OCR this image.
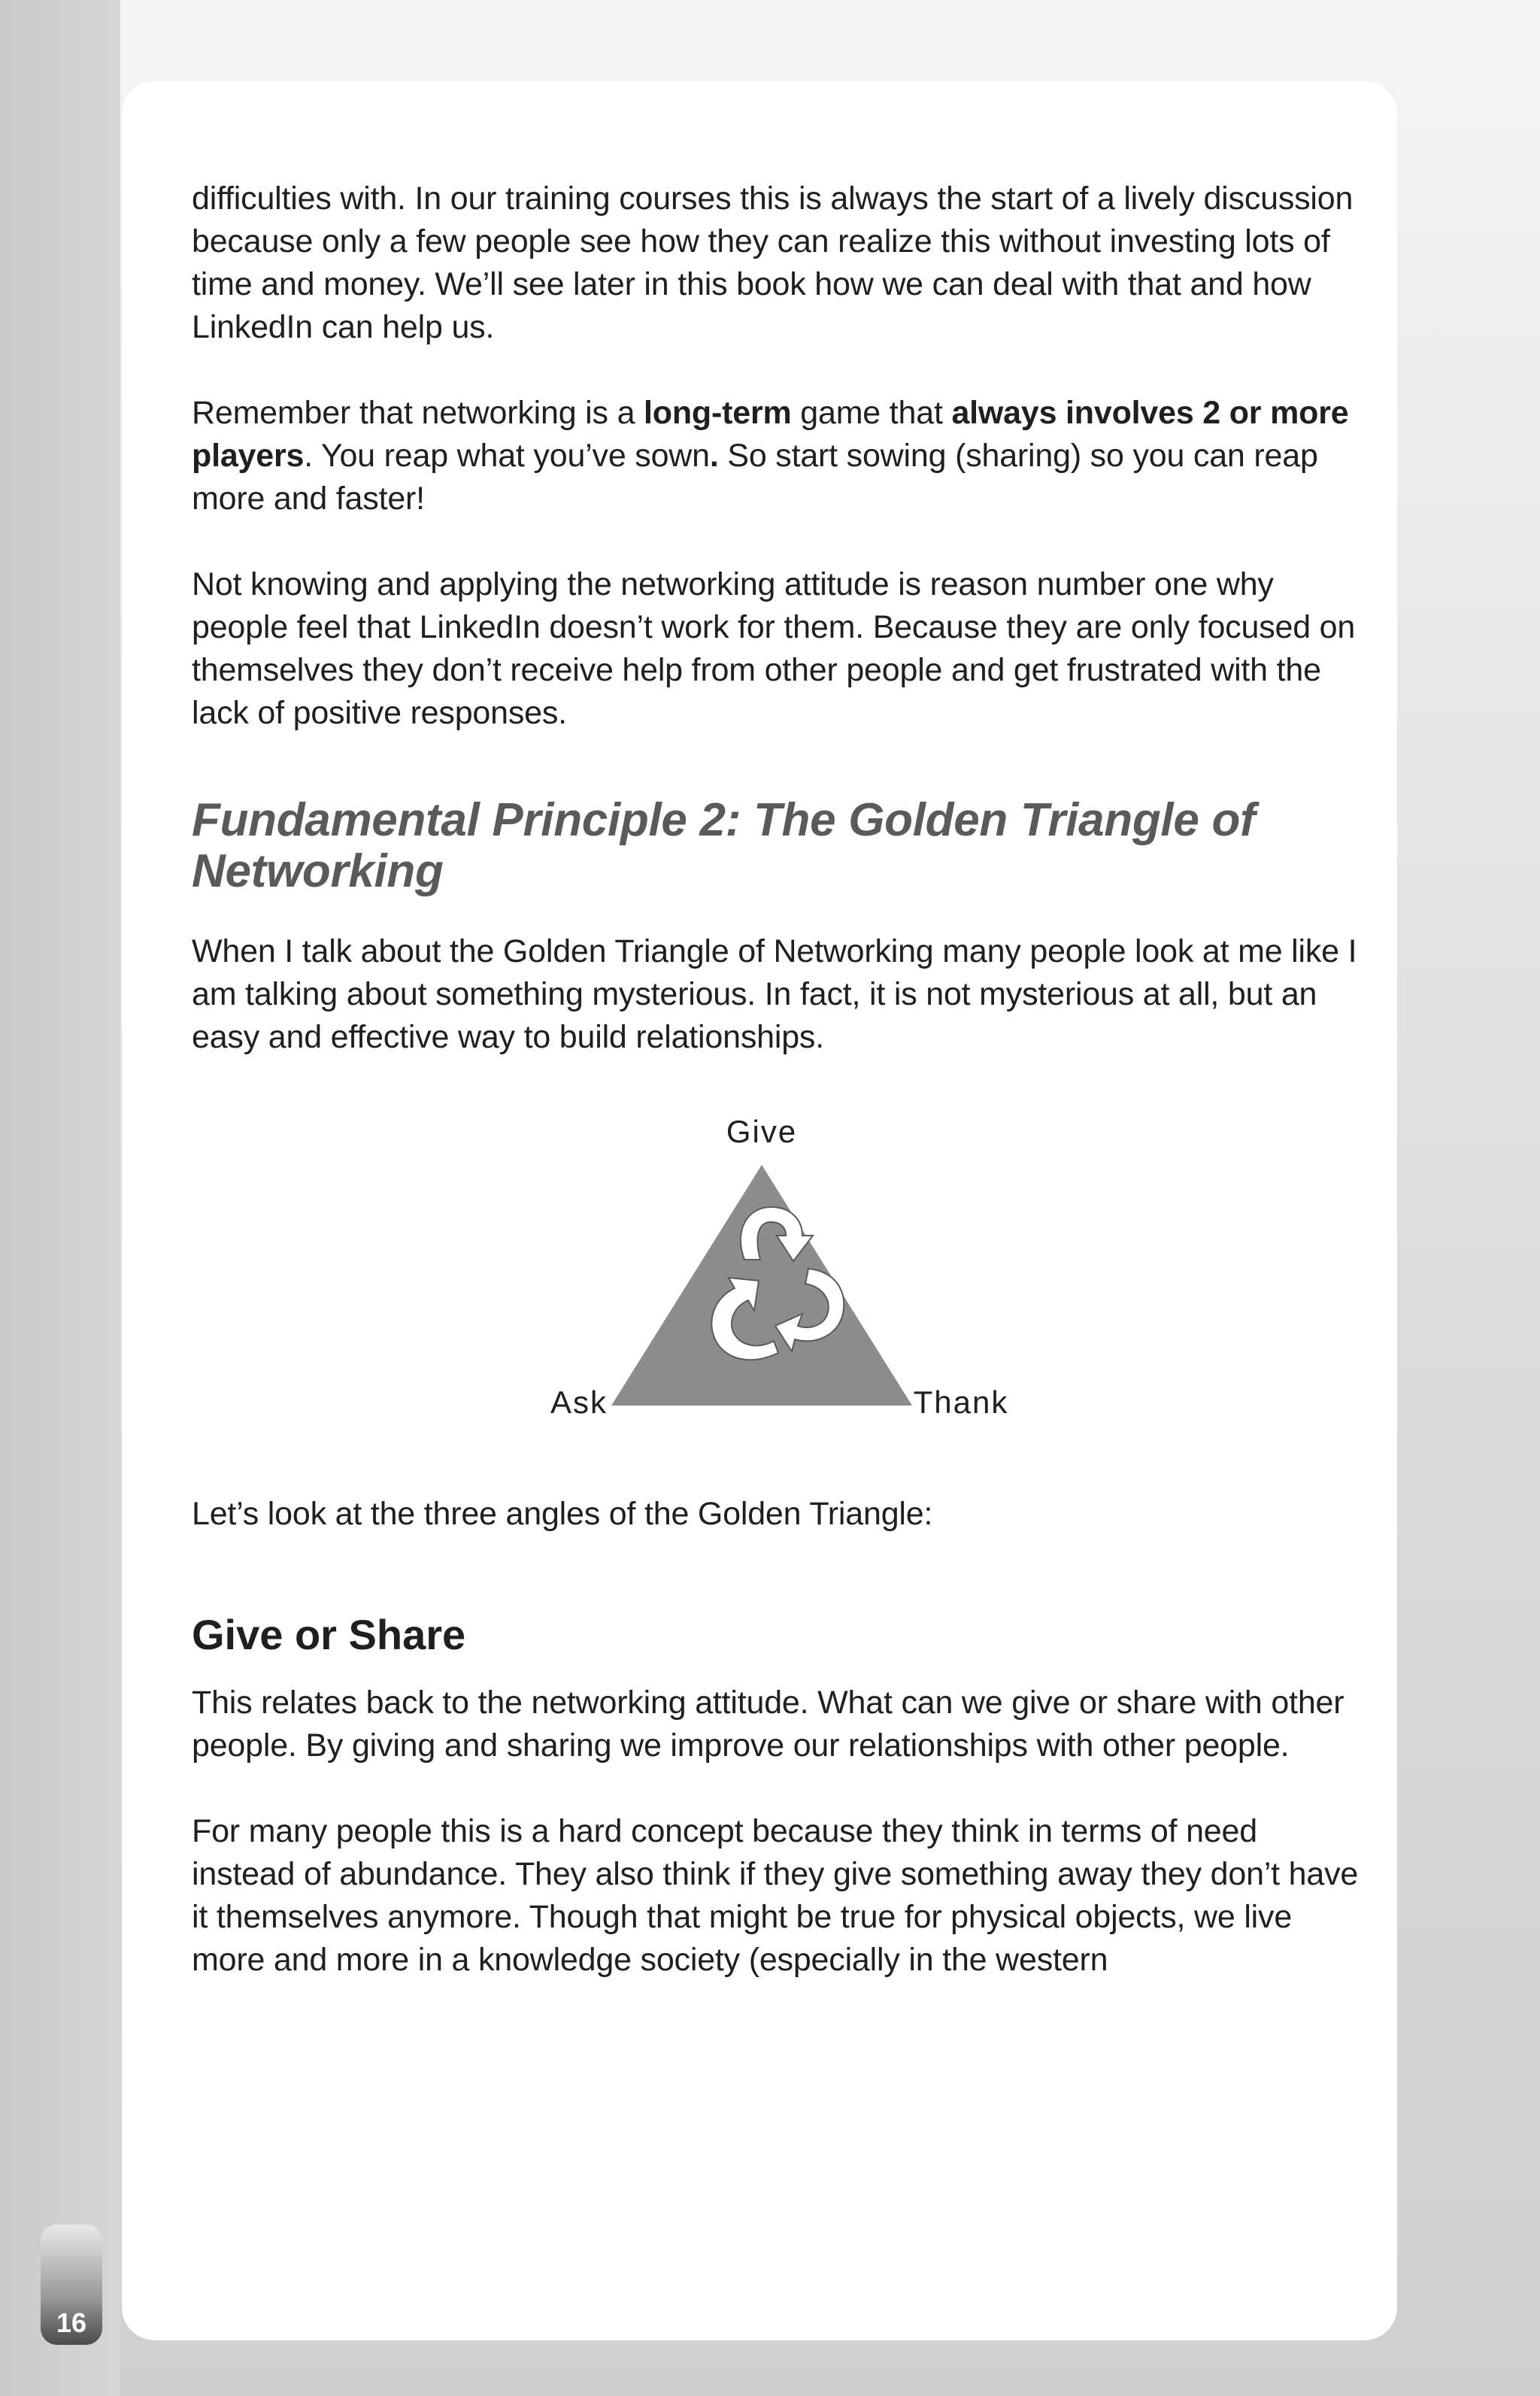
difficulties with. In our training courses this is always the start of a lively discussion because only a few people see how they can realize this without investing lots of time and money. We’ll see later in this book how we can deal with that and how LinkedIn can help us.

Remember that networking is a long-term game that always involves 2 or more players. You reap what you’ve sown. So start sowing (sharing) so you can reap more and faster!

Not knowing and applying the networking attitude is reason number one why people feel that LinkedIn doesn’t work for them. Because they are only focused on themselves they don’t receive help from other people and get frustrated with the lack of positive responses.

Fundamental Principle 2: The Golden Triangle of Networking

When I talk about the Golden Triangle of Networking many people look at me like I am talking about something mysterious. In fact, it is not mysterious at all, but an easy and effective way to build relationships.

Give
Ask	Thank

Let’s look at the three angles of the Golden Triangle:

Give or Share

This relates back to the networking attitude. What can we give or share with other people. By giving and sharing we improve our relationships with other people.

For many people this is a hard concept because they think in terms of need instead of abundance. They also think if they give something away they don’t have it themselves anymore. Though that might be true for physical objects, we live more and more in a knowledge society (especially in the western

16
